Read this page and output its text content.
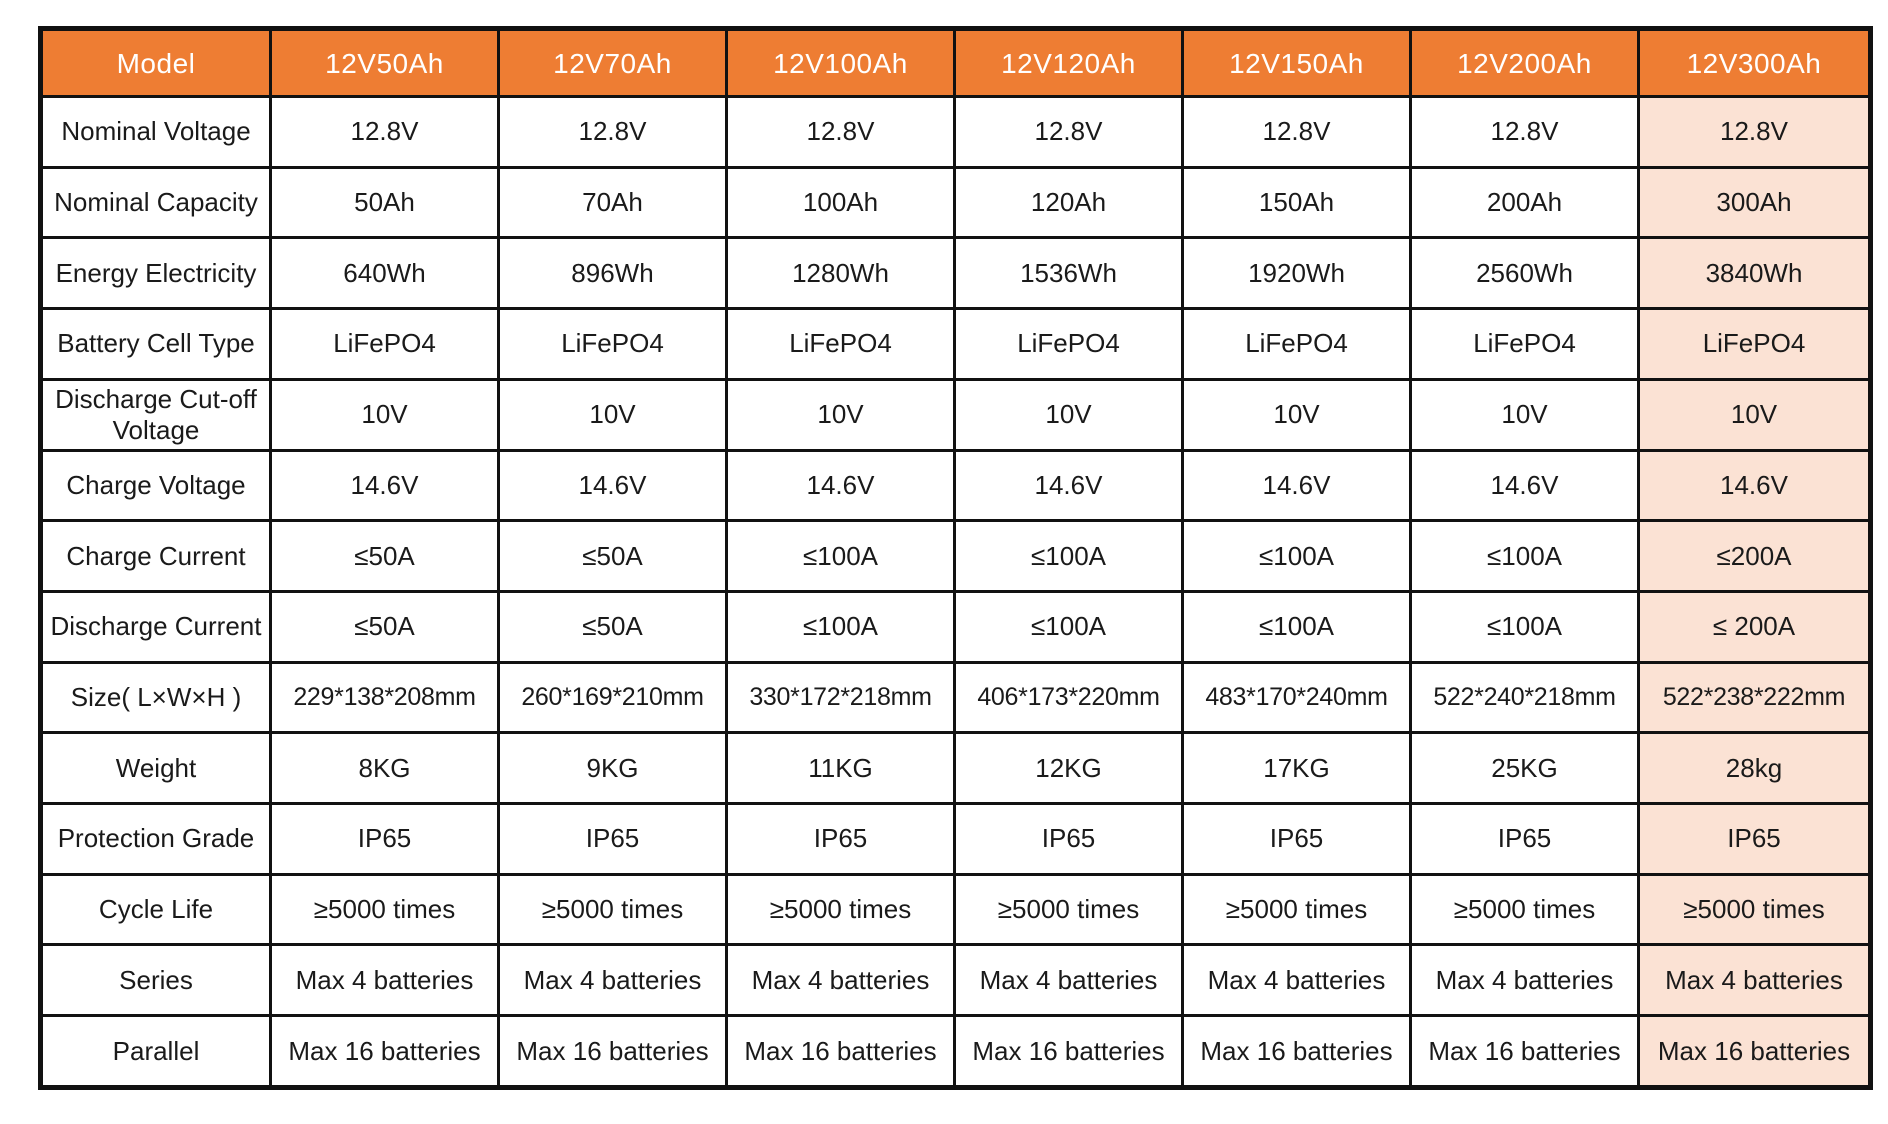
Model	12V50Ah	12V70Ah	12V100Ah	12V120Ah	12V150Ah	12V200Ah	12V300Ah
Nominal Voltage	12.8V	12.8V	12.8V	12.8V	12.8V	12.8V	12.8V
Nominal Capacity	50Ah	70Ah	100Ah	120Ah	150Ah	200Ah	300Ah
Energy Electricity	640Wh	896Wh	1280Wh	1536Wh	1920Wh	2560Wh	3840Wh
Battery Cell Type	LiFePO4	LiFePO4	LiFePO4	LiFePO4	LiFePO4	LiFePO4	LiFePO4
Discharge Cut-off Voltage	10V	10V	10V	10V	10V	10V	10V
Charge Voltage	14.6V	14.6V	14.6V	14.6V	14.6V	14.6V	14.6V
Charge Current	≤50A	≤50A	≤100A	≤100A	≤100A	≤100A	≤200A
Discharge Current	≤50A	≤50A	≤100A	≤100A	≤100A	≤100A	≤ 200A
Size( L×W×H )	229*138*208mm	260*169*210mm	330*172*218mm	406*173*220mm	483*170*240mm	522*240*218mm	522*238*222mm
Weight	8KG	9KG	11KG	12KG	17KG	25KG	28kg
Protection Grade	IP65	IP65	IP65	IP65	IP65	IP65	IP65
Cycle Life	≥5000 times	≥5000 times	≥5000 times	≥5000 times	≥5000 times	≥5000 times	≥5000 times
Series	Max 4 batteries	Max 4 batteries	Max 4 batteries	Max 4 batteries	Max 4 batteries	Max 4 batteries	Max 4 batteries
Parallel	Max 16 batteries	Max 16 batteries	Max 16 batteries	Max 16 batteries	Max 16 batteries	Max 16 batteries	Max 16 batteries
